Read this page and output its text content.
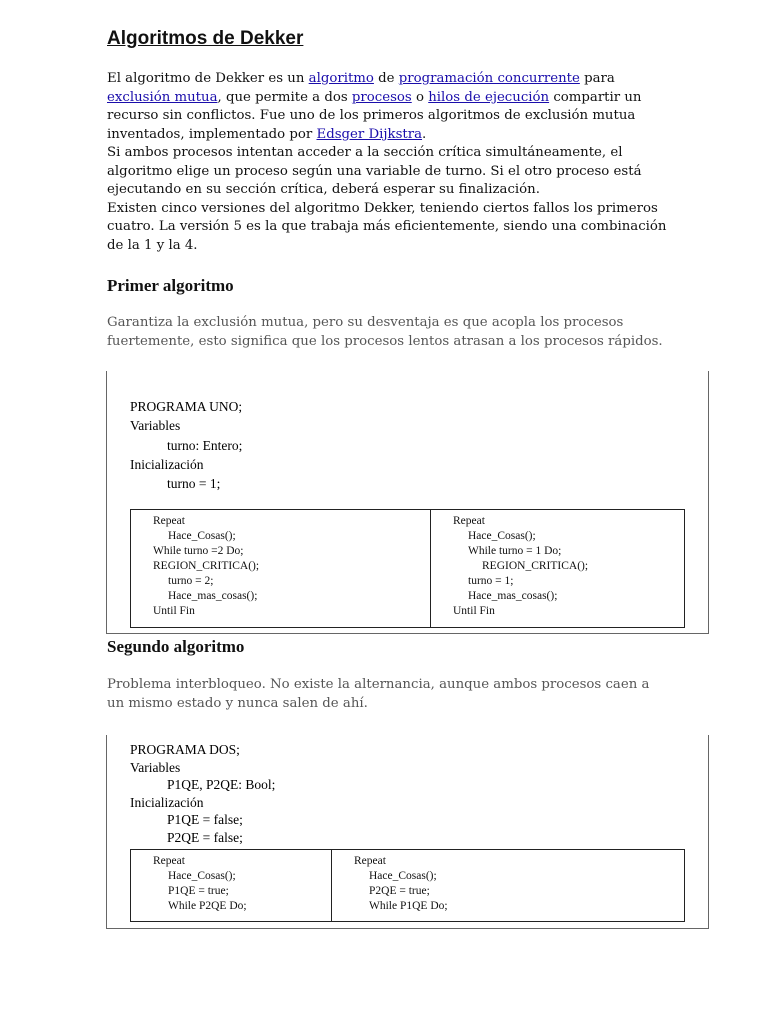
Algoritmos de Dekker
El algoritmo de Dekker es un algoritmo de programación concurrente para exclusión mutua, que permite a dos procesos o hilos de ejecución compartir un recurso sin conflictos. Fue uno de los primeros algoritmos de exclusión mutua inventados, implementado por Edsger Dijkstra.
Si ambos procesos intentan acceder a la sección crítica simultáneamente, el algoritmo elige un proceso según una variable de turno. Si el otro proceso está ejecutando en su sección crítica, deberá esperar su finalización.
Existen cinco versiones del algoritmo Dekker, teniendo ciertos fallos los primeros cuatro. La versión 5 es la que trabaja más eficientemente, siendo una combinación de la 1 y la 4.
Primer algoritmo

Garantiza la exclusión mutua, pero su desventaja es que acopla los procesos fuertemente, esto significa que los procesos lentos atrasan a los procesos rápidos.

PROGRAMA UNO;
Variables
turno: Entero;
Inicialización
turno = 1;
Repeat
Hace_Cosas();
While turno =2 Do;
REGION_CRITICA();
turno = 2;
Hace_mas_cosas();
Until Fin
Repeat
Hace_Cosas();
While turno = 1 Do;
REGION_CRITICA();
turno = 1;
Hace_mas_cosas();
Until Fin
Segundo algoritmo

Problema interbloqueo. No existe la alternancia, aunque ambos procesos caen a un mismo estado y nunca salen de ahí.

PROGRAMA DOS;
Variables
P1QE, P2QE: Bool;
Inicialización
P1QE = false;
P2QE = false;
Repeat
Hace_Cosas();
P1QE = true;
While P2QE Do;
Repeat
Hace_Cosas();
P2QE = true;
While P1QE Do;
